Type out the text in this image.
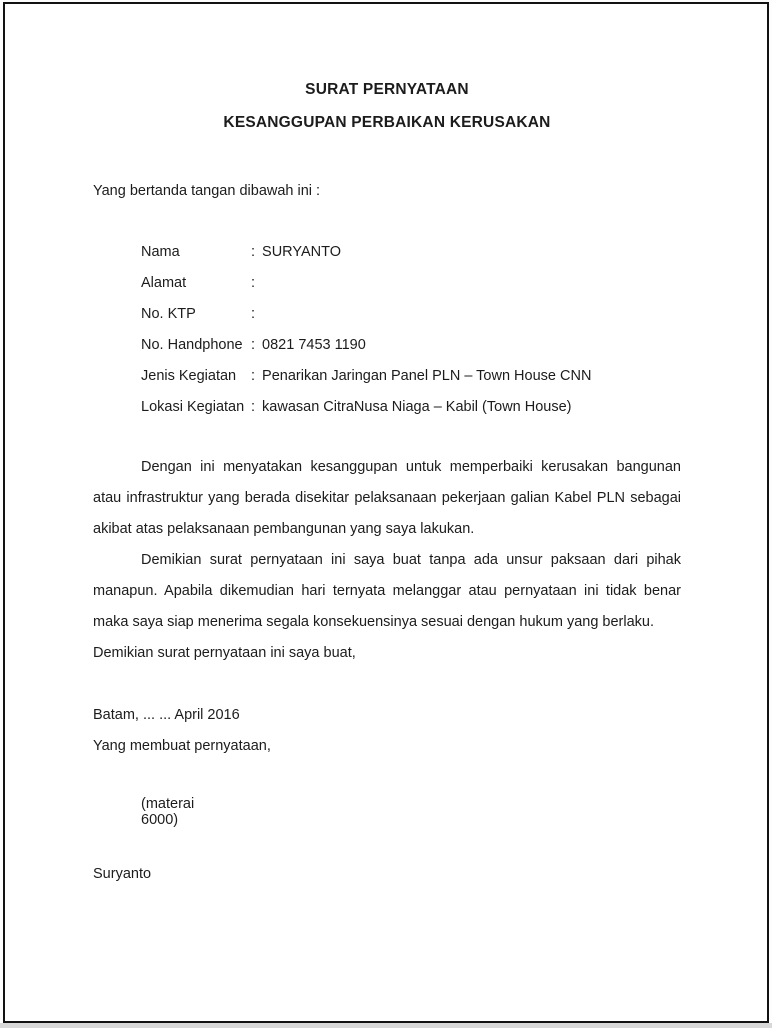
SURAT PERNYATAAN
KESANGGUPAN PERBAIKAN KERUSAKAN
Yang bertanda tangan dibawah ini :
Nama	: SURYANTO
Alamat	:
No. KTP	:
No. Handphone : 0821 7453 1190
Jenis Kegiatan	: Penarikan Jaringan Panel PLN – Town House CNN
Lokasi Kegiatan : kawasan CitraNusa Niaga – Kabil (Town House)

Dengan ini menyatakan kesanggupan untuk memperbaiki kerusakan bangunan atau infrastruktur yang berada disekitar pelaksanaan pekerjaan galian Kabel PLN sebagai akibat atas pelaksanaan pembangunan yang saya lakukan.

Demikian surat pernyataan ini saya buat tanpa ada unsur paksaan dari pihak manapun. Apabila dikemudian hari ternyata melanggar atau pernyataan ini tidak benar maka saya siap menerima segala konsekuensinya sesuai dengan hukum yang berlaku.

Demikian surat pernyataan ini saya buat,

Batam, ... ... April 2016
Yang membuat pernyataan,
(materai
6000)
Suryanto
